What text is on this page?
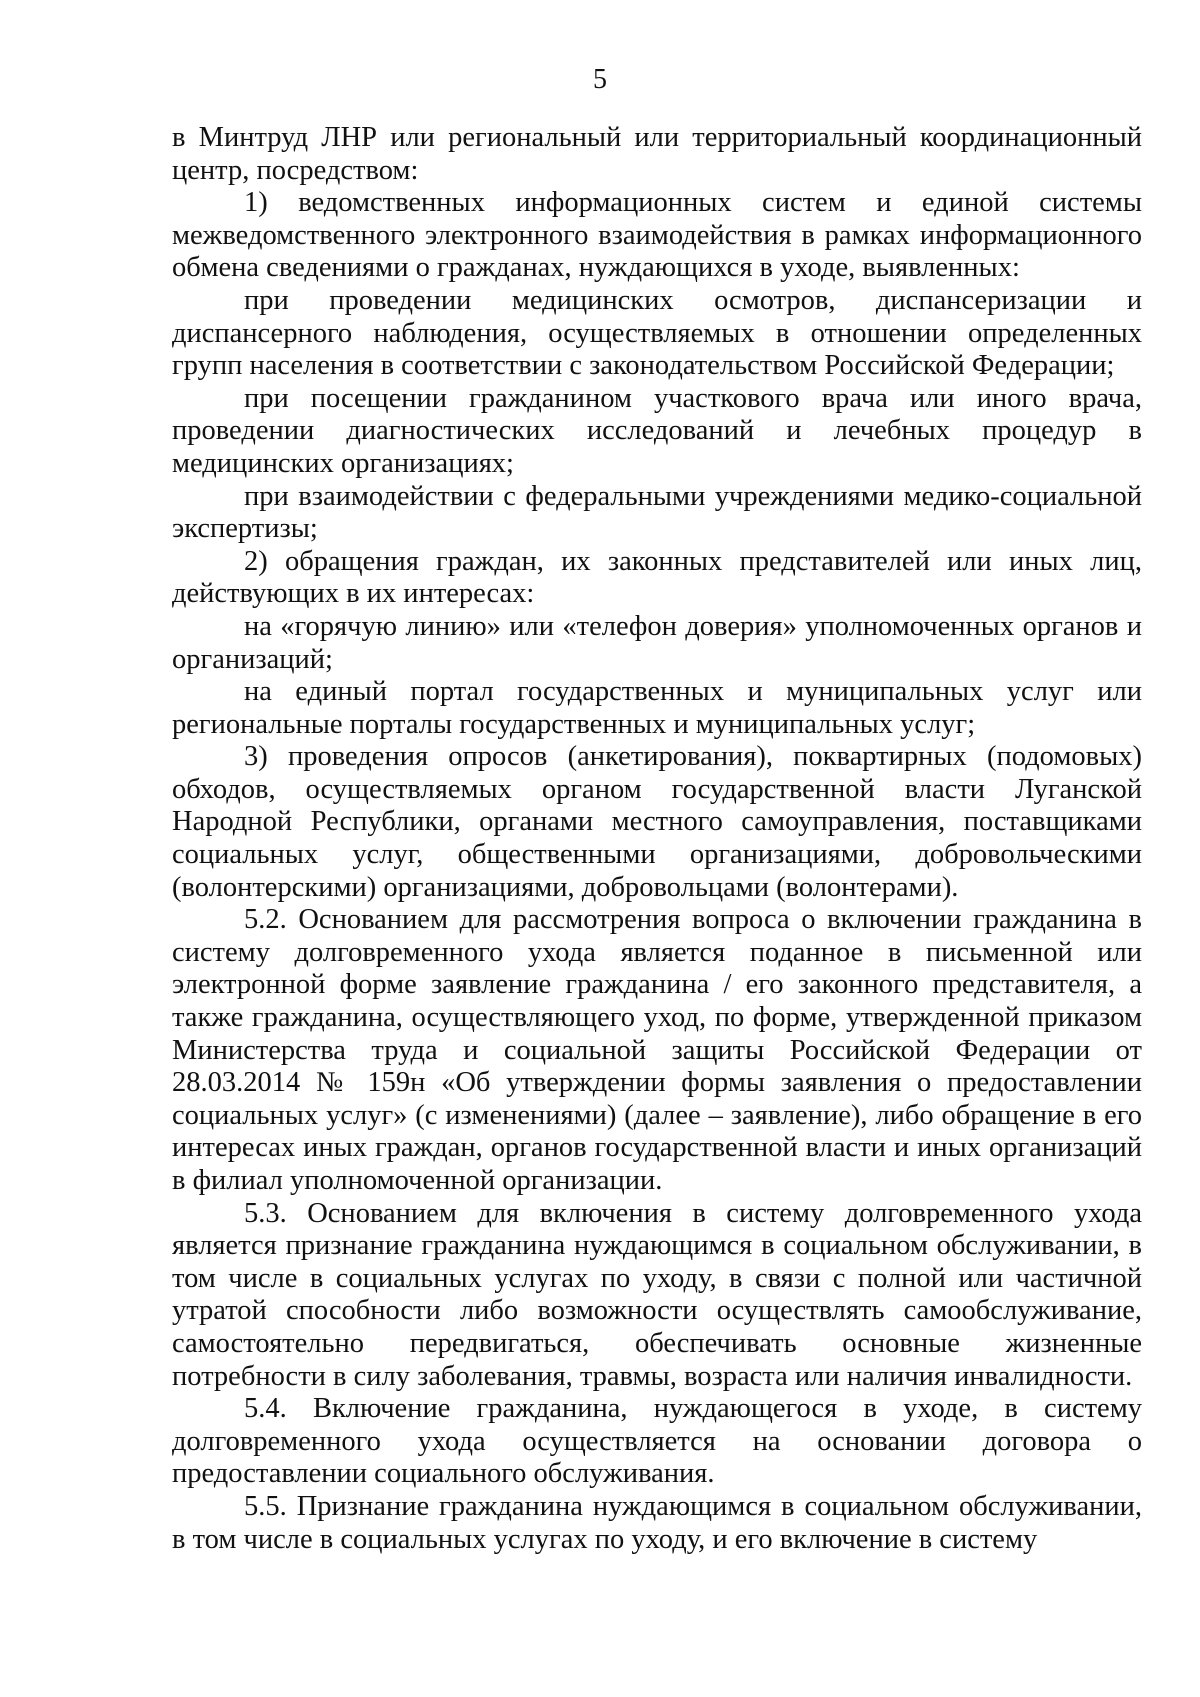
5

в Минтруд ЛНР или региональный или территориальный координационный центр, посредством:

1) ведомственных информационных систем и единой системы межведомственного электронного взаимодействия в рамках информационного обмена сведениями о гражданах, нуждающихся в уходе, выявленных:

при проведении медицинских осмотров, диспансеризации и диспансерного наблюдения, осуществляемых в отношении определенных групп населения в соответствии с законодательством Российской Федерации;

при посещении гражданином участкового врача или иного врача, проведении диагностических исследований и лечебных процедур в медицинских организациях;

при взаимодействии с федеральными учреждениями медико-социальной экспертизы;

2) обращения граждан, их законных представителей или иных лиц, действующих в их интересах:

на «горячую линию» или «телефон доверия» уполномоченных органов и организаций;

на единый портал государственных и муниципальных услуг или региональные порталы государственных и муниципальных услуг;

3) проведения опросов (анкетирования), поквартирных (подомовых) обходов, осуществляемых органом государственной власти Луганской Народной Республики, органами местного самоуправления, поставщиками социальных услуг, общественными организациями, добровольческими (волонтерскими) организациями, добровольцами (волонтерами).

5.2. Основанием для рассмотрения вопроса о включении гражданина в систему долговременного ухода является поданное в письменной или электронной форме заявление гражданина / его законного представителя, а также гражданина, осуществляющего уход, по форме, утвержденной приказом Министерства труда и социальной защиты Российской Федерации от 28.03.2014 № 159н «Об утверждении формы заявления о предоставлении социальных услуг» (с изменениями) (далее – заявление), либо обращение в его интересах иных граждан, органов государственной власти и иных организаций в филиал уполномоченной организации.

5.3. Основанием для включения в систему долговременного ухода является признание гражданина нуждающимся в социальном обслуживании, в том числе в социальных услугах по уходу, в связи с полной или частичной утратой способности либо возможности осуществлять самообслуживание, самостоятельно передвигаться, обеспечивать основные жизненные потребности в силу заболевания, травмы, возраста или наличия инвалидности.

5.4. Включение гражданина, нуждающегося в уходе, в систему долговременного ухода осуществляется на основании договора о предоставлении социального обслуживания.

5.5. Признание гражданина нуждающимся в социальном обслуживании, в том числе в социальных услугах по уходу, и его включение в систему
